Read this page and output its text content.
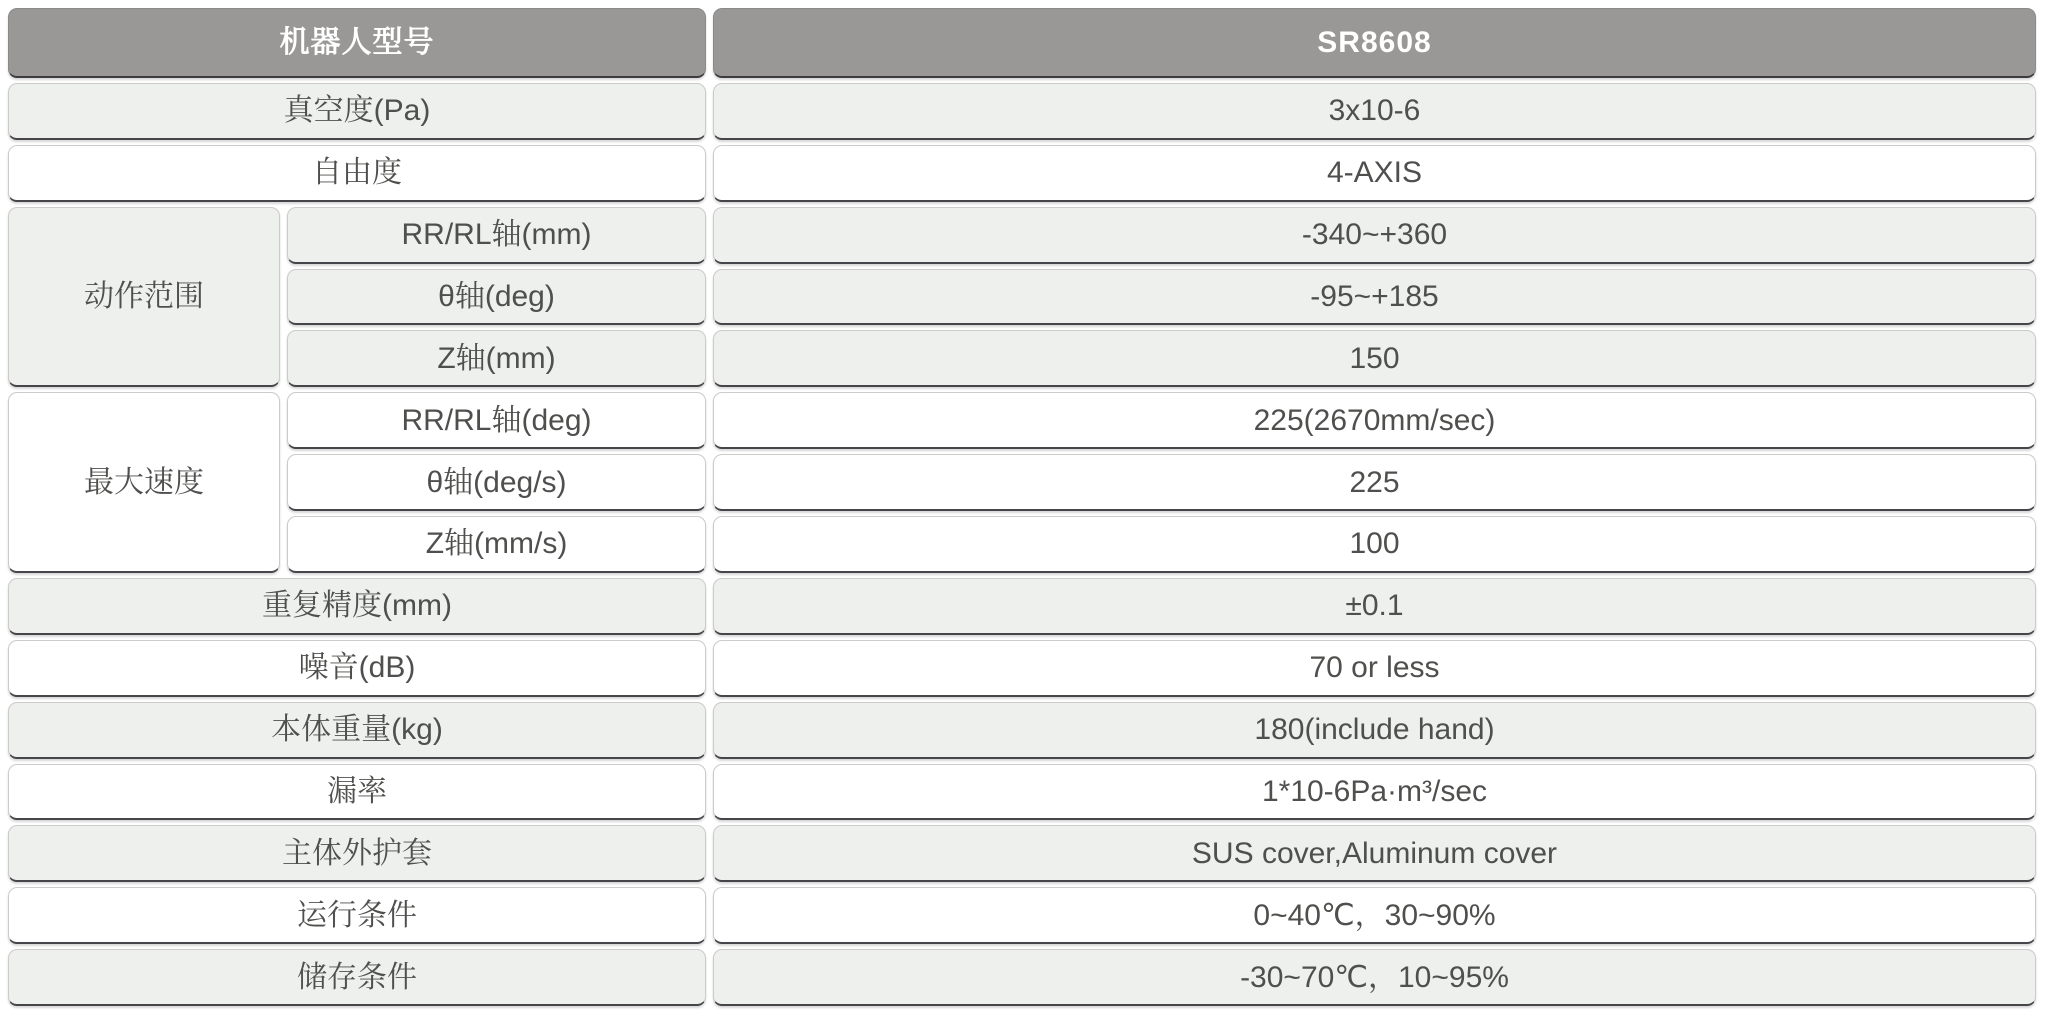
机器人型号	SR8608
真空度(Pa)	3x10-6
自由度	4-AXIS
动作范围
RR/RL轴(mm)	-340~+360
θ轴(deg)	-95~+185
Z轴(mm)	150
最大速度
RR/RL轴(deg)	225(2670mm/sec)
θ轴(deg/s)	225
Z轴(mm/s)	100
重复精度(mm)	±0.1
噪音(dB)	70 or less
本体重量(kg)	180(include hand)
漏率	1*10-6Pa·m³/sec
主体外护套	SUS cover,Aluminum cover
运行条件	0~40℃，30~90%
储存条件	-30~70℃，10~95%
